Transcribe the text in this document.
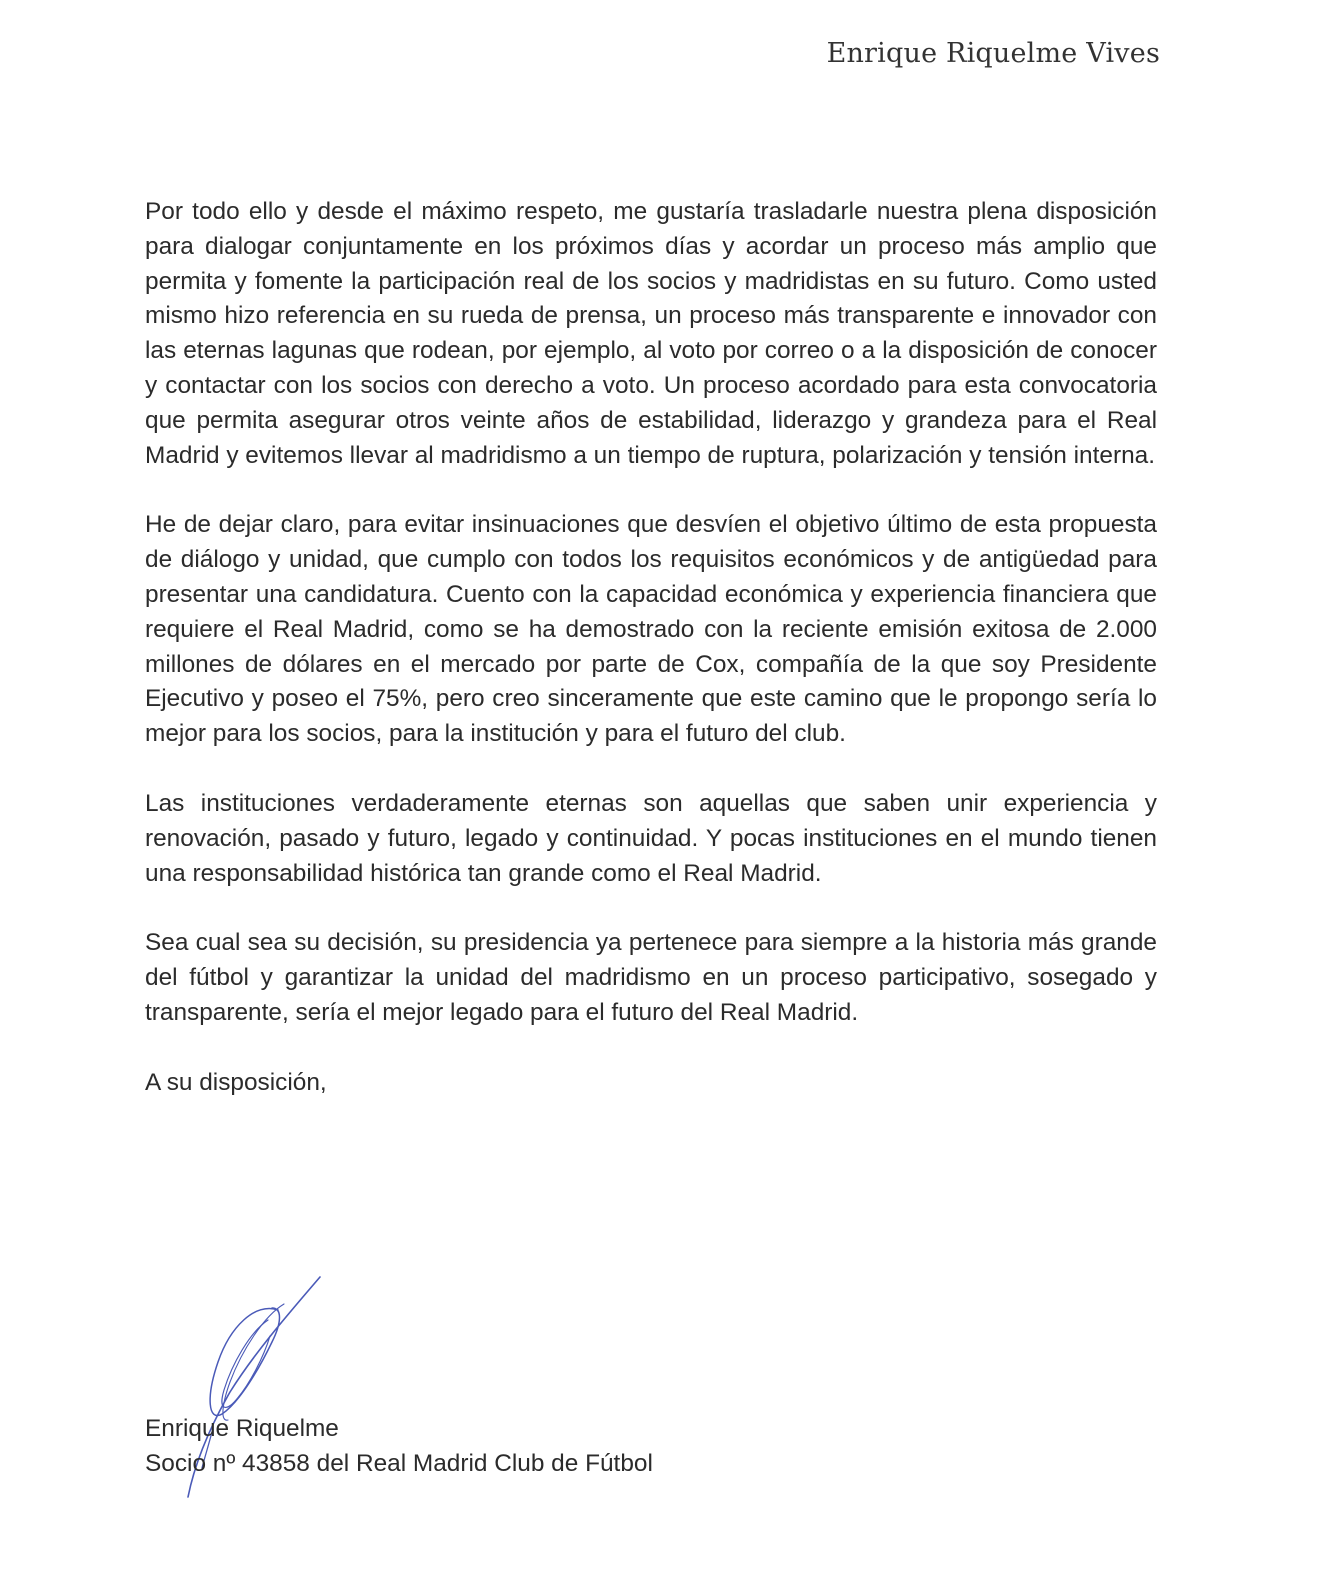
Enrique Riquelme Vives

Por todo ello y desde el máximo respeto, me gustaría trasladarle nuestra plena disposición para dialogar conjuntamente en los próximos días y acordar un proceso más amplio que permita y fomente la participación real de los socios y madridistas en su futuro. Como usted mismo hizo referencia en su rueda de prensa, un proceso más transparente e innovador con las eternas lagunas que rodean, por ejemplo, al voto por correo o a la disposición de conocer y contactar con los socios con derecho a voto. Un proceso acordado para esta convocatoria que permita asegurar otros veinte años de estabilidad, liderazgo y grandeza para el Real Madrid y evitemos llevar al madridismo a un tiempo de ruptura, polarización y tensión interna.

He de dejar claro, para evitar insinuaciones que desvíen el objetivo último de esta propuesta de diálogo y unidad, que cumplo con todos los requisitos económicos y de antigüedad para presentar una candidatura. Cuento con la capacidad económica y experiencia financiera que requiere el Real Madrid, como se ha demostrado con la reciente emisión exitosa de 2.000 millones de dólares en el mercado por parte de Cox, compañía de la que soy Presidente Ejecutivo y poseo el 75%, pero creo sinceramente que este camino que le propongo sería lo mejor para los socios, para la institución y para el futuro del club.

Las instituciones verdaderamente eternas son aquellas que saben unir experiencia y renovación, pasado y futuro, legado y continuidad. Y pocas instituciones en el mundo tienen una responsabilidad histórica tan grande como el Real Madrid.

Sea cual sea su decisión, su presidencia ya pertenece para siempre a la historia más grande del fútbol y garantizar la unidad del madridismo en un proceso participativo, sosegado y transparente, sería el mejor legado para el futuro del Real Madrid.

A su disposición,

Enrique Riquelme
Socio nº 43858 del Real Madrid Club de Fútbol
